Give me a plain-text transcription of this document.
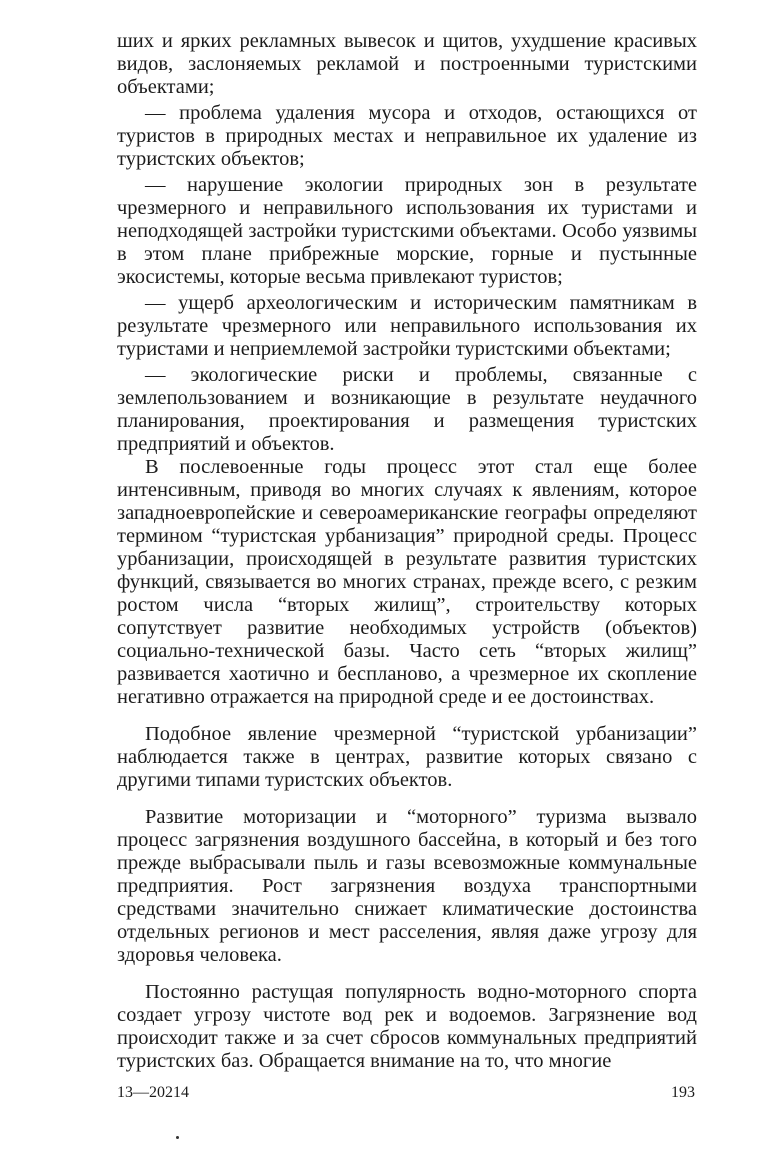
ших и ярких рекламных вывесок и щитов, ухудшение красивых видов, заслоняемых рекламой и построенными туристскими объектами;

— проблема удаления мусора и отходов, остающихся от туристов в природных местах и неправильное их удаление из туристских объектов;

— нарушение экологии природных зон в результате чрезмерного и неправильного использования их туристами и неподходящей застройки туристскими объектами. Особо уязвимы в этом плане прибрежные морские, горные и пустынные экосистемы, которые весьма привлекают туристов;

— ущерб археологическим и историческим памятникам в результате чрезмерного или неправильного использования их туристами и неприемлемой застройки туристскими объектами;

— экологические риски и проблемы, связанные с землепользованием и возникающие в результате неудачного планирования, проектирования и размещения туристских предприятий и объектов.

В послевоенные годы процесс этот стал еще более интенсивным, приводя во многих случаях к явлениям, которое западноевропейские и североамериканские географы определяют термином “туристская урбанизация” природной среды. Процесс урбанизации, происходящей в результате развития туристских функций, связывается во многих странах, прежде всего, с резким ростом числа “вторых жилищ”, строительству которых сопутствует развитие необходимых устройств (объектов) социально-технической базы. Часто сеть “вторых жилищ” развивается хаотично и бесплановo, а чрезмерное их скопление негативно отражается на природной среде и ее достоинствах.

Подобное явление чрезмерной “туристской урбанизации” наблюдается также в центрах, развитие которых связано с другими типами туристских объектов.

Развитие моторизации и “моторного” туризма вызвало процесс загрязнения воздушного бассейна, в который и без того прежде выбрасывали пыль и газы всевозможные коммунальные предприятия. Рост загрязнения воздуха транспортными средствами значительно снижает климатические достоинства отдельных регионов и мест расселения, являя даже угрозу для здоровья человека.

Постоянно растущая популярность водно-моторного спорта создает угрозу чистоте вод рек и водоемов. Загрязнение вод происходит также и за счет сбросов коммунальных предприятий туристских баз. Обращается внимание на то, что многие

13—20214	193
